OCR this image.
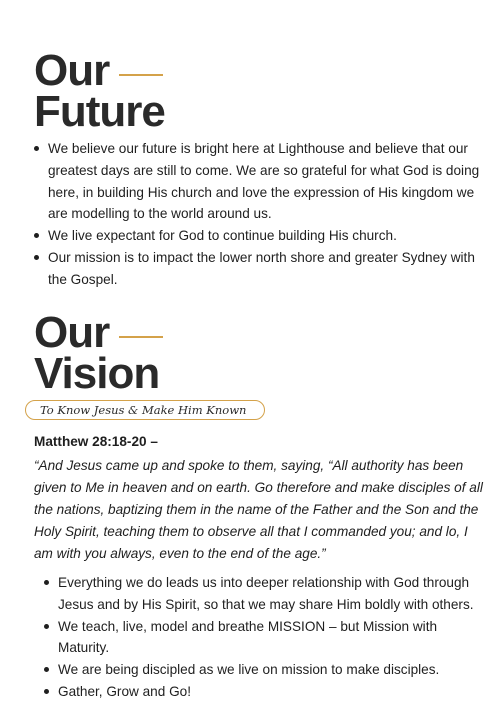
Our
Future
We believe our future is bright here at Lighthouse and believe that our greatest days are still to come. We are so grateful for what God is doing here, in building His church and love the expression of His kingdom we are modelling to the world around us.
We live expectant for God to continue building His church.
Our mission is to impact the lower north shore and greater Sydney with the Gospel.
Our
Vision
To Know Jesus & Make Him Known
Matthew 28:18-20 –
“And Jesus came up and spoke to them, saying, “All authority has been given to Me in heaven and on earth. Go therefore and make disciples of all the nations, baptizing them in the name of the Father and the Son and the Holy Spirit, teaching them to observe all that I commanded you; and lo, I am with you always, even to the end of the age.”
Everything we do leads us into deeper relationship with God through Jesus and by His Spirit, so that we may share Him boldly with others.
We teach, live, model and breathe MISSION – but Mission with Maturity.
We are being discipled as we live on mission to make disciples.
Gather, Grow and Go!
